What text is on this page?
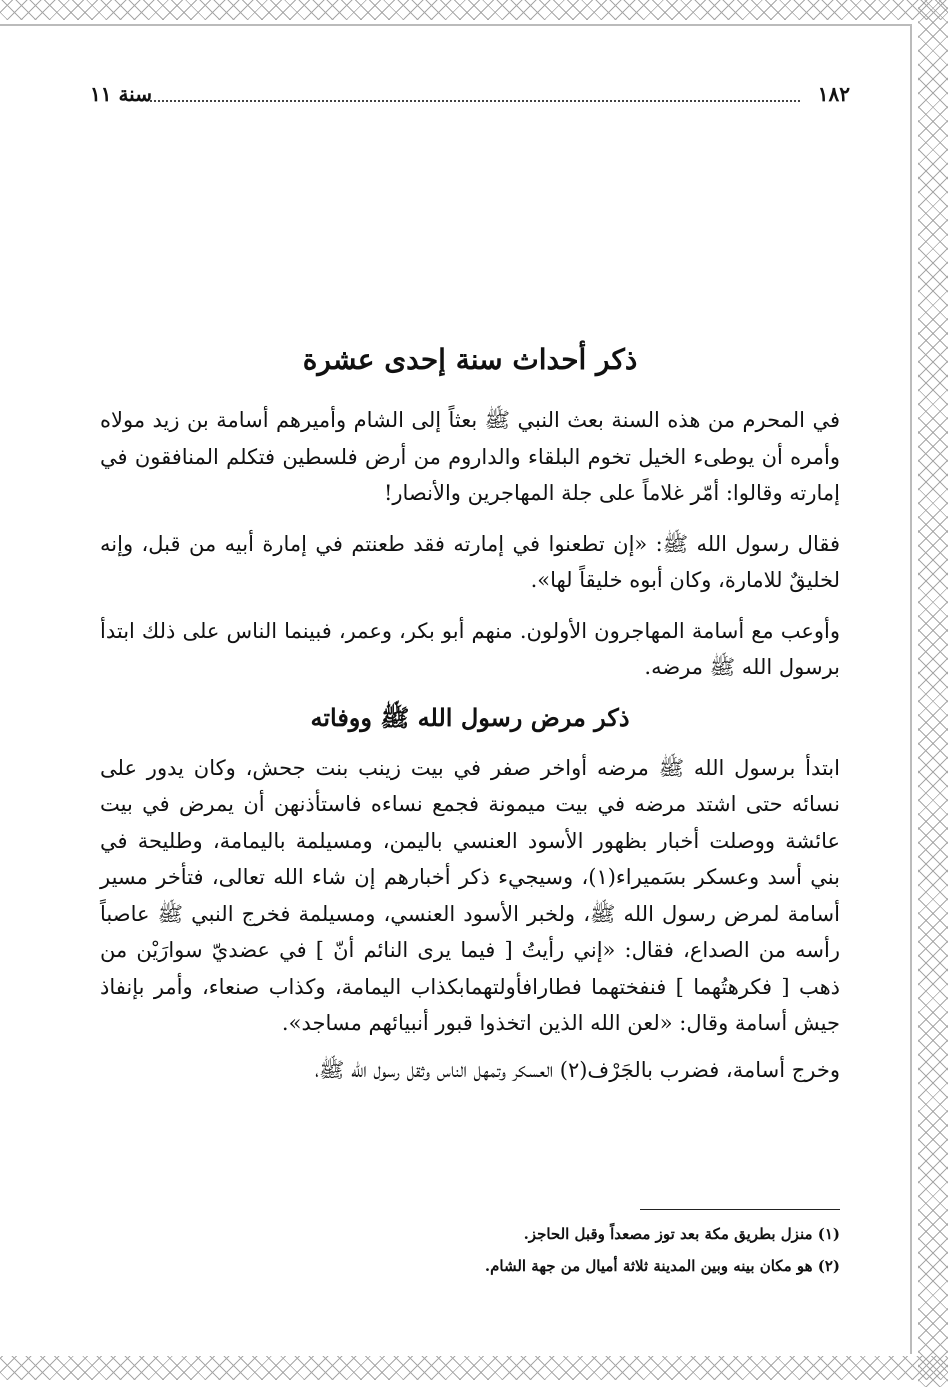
١٨٢
سنة ١١
ذكر أحداث سنة إحدى عشرة

في المحرم من هذه السنة بعث النبي ﷺ بعثاً إلى الشام وأميرهم أسامة بن زيد مولاه وأمره أن يوطىء الخيل تخوم البلقاء والداروم من أرض فلسطين فتكلم المنافقون في إمارته وقالوا: أمّر غلاماً على جلة المهاجرين والأنصار!

فقال رسول الله ﷺ: «إن تطعنوا في إمارته فقد طعنتم في إمارة أبيه من قبل، وإنه لخليقٌ للامارة، وكان أبوه خليقاً لها».

وأوعب مع أسامة المهاجرون الأولون. منهم أبو بكر، وعمر، فبينما الناس على ذلك ابتدأ برسول الله ﷺ مرضه.

ذكر مرض رسول الله ﷺ ووفاته

ابتدأ برسول الله ﷺ مرضه أواخر صفر في بيت زينب بنت جحش، وكان يدور على نسائه حتى اشتد مرضه في بيت ميمونة فجمع نساءه فاستأذنهن أن يمرض في بيت عائشة ووصلت أخبار بظهور الأسود العنسي باليمن، ومسيلمة باليمامة، وطليحة في بني أسد وعسكر بسَميراء(١)، وسيجيء ذكر أخبارهم إن شاء الله تعالى، فتأخر مسير أسامة لمرض رسول الله ﷺ، ولخبر الأسود العنسي، ومسيلمة فخرج النبي ﷺ عاصباً رأسه من الصداع، فقال: «إني رأيتُ [ فيما يرى النائم أنّ ] في عضديّ سوارَيْن من ذهب [ فكرهتُهما ] فنفختهما فطارافأولتهمابكذاب اليمامة، وكذاب صنعاء، وأمر بإنفاذ جيش أسامة وقال: «لعن الله الذين اتخذوا قبور أنبيائهم مساجد».

وخرج أسامة، فضرب بالجَرْف(٢) العسكر وتمهل الناس وثقل رسول الله ﷺ،

(١) منزل بطريق مكة بعد توز مصعداً وقبل الحاجز.
(٢) هو مكان بينه وبين المدينة ثلاثة أميال من جهة الشام.
